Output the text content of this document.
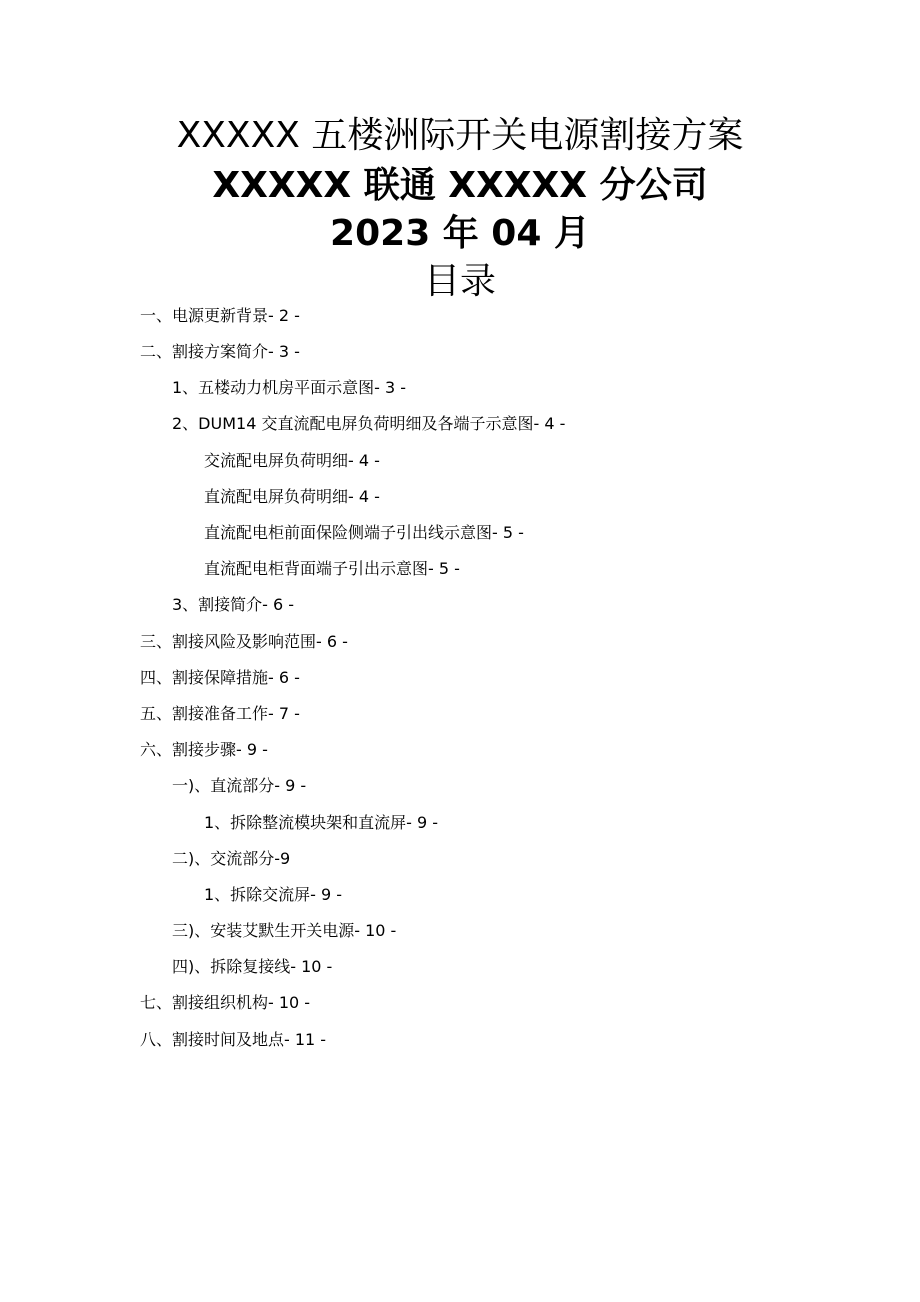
XXXXX 五楼洲际开关电源割接方案
XXXXX 联通 XXXXX 分公司
2023 年 04 月
目录
一、电源更新背景- 2 -
二、割接方案简介- 3 -
1、五楼动力机房平面示意图- 3 -
2、DUM14 交直流配电屏负荷明细及各端子示意图- 4 -
交流配电屏负荷明细- 4 -
直流配电屏负荷明细- 4 -
直流配电柜前面保险侧端子引出线示意图- 5 -
直流配电柜背面端子引出示意图- 5 -
3、割接简介- 6 -
三、割接风险及影响范围- 6 -
四、割接保障措施- 6 -
五、割接准备工作- 7 -
六、割接步骤- 9 -
一)、直流部分- 9 -
1、拆除整流模块架和直流屏- 9 -
二)、交流部分-9
1、拆除交流屏- 9 -
三)、安装艾默生开关电源- 10 -
四)、拆除复接线- 10 -
七、割接组织机构- 10 -
八、割接时间及地点- 11 -
